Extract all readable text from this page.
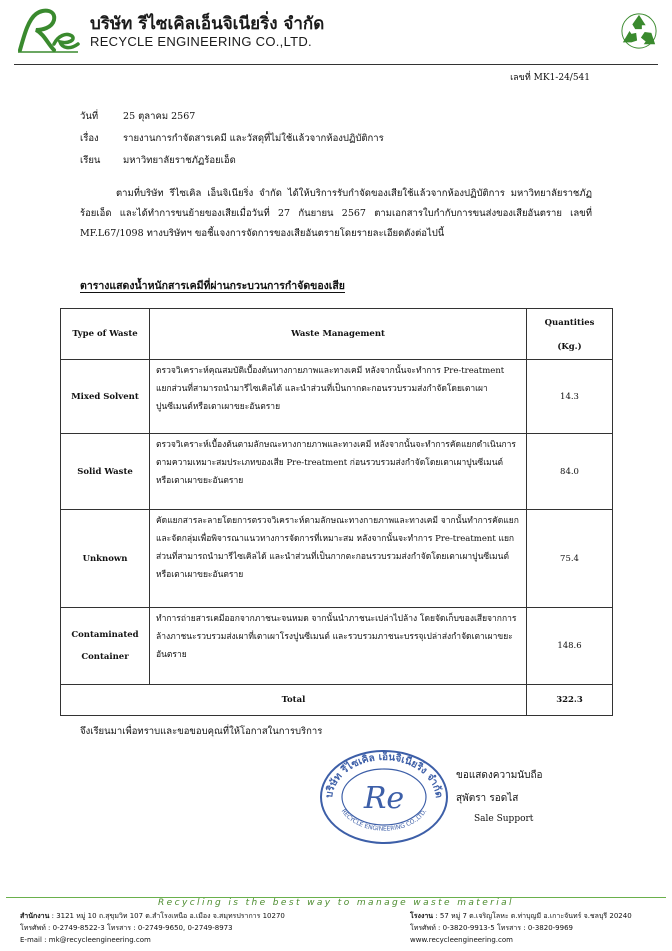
บริษัท รีไซเคิลเอ็นจิเนียริ่ง จำกัด
RECYCLE ENGINEERING CO.,LTD.
เลขที่ MK1-24/541
วันที่	25 ตุลาคม 2567
เรื่อง	รายงานการกำจัดสารเคมี และวัสดุที่ไม่ใช้แล้วจากห้องปฏิบัติการ
เรียน มหาวิทยาลัยราชภัฏร้อยเอ็ด
ตามที่บริษัท รีไซเคิล เอ็นจิเนียริ่ง จำกัด ได้ให้บริการรับกำจัดของเสียใช้แล้วจากห้องปฏิบัติการ มหาวิทยาลัยราชภัฏร้อยเอ็ด และได้ทำการขนย้ายของเสียเมื่อวันที่ 27 กันยายน 2567 ตามเอกสารใบกำกับการขนส่งของเสียอันตราย เลขที่ MF.L67/1098 ทางบริษัทฯ ขอชี้แจงการจัดการของเสียอันตรายโดยรายละเอียดดังต่อไปนี้
ตารางแสดงน้ำหนักสารเคมีที่ผ่านกระบวนการกำจัดของเสีย
Type of Waste	Waste Management	Quantities
(Kg.)

Mixed Solvent	ตรวจวิเคราะห์คุณสมบัติเบื้องต้นทางกายภาพและทางเคมี หลังจากนั้นจะทำการ Pre-treatment แยกส่วนที่สามารถนำมารีไซเคิลได้ และนำส่วนที่เป็นกากตะกอนรวบรวมส่งกำจัดโดยเตาเผาปูนซีเมนต์หรือเตาเผาขยะอันตราย	14.3
Solid Waste	ตรวจวิเคราะห์เบื้องต้นตามลักษณะทางกายภาพและทางเคมี หลังจากนั้นจะทำการคัดแยกดำเนินการตามความเหมาะสมประเภทของเสีย Pre-treatment ก่อนรวบรวมส่งกำจัดโดยเตาเผาปูนซีเมนต์ หรือเตาเผาขยะอันตราย	84.0
Unknown	คัดแยกสารละลายโดยการตรวจวิเคราะห์ตามลักษณะทางกายภาพและทางเคมี จากนั้นทำการคัดแยกและจัดกลุ่มเพื่อพิจารณาแนวทางการจัดการที่เหมาะสม หลังจากนั้นจะทำการ Pre-treatment แยกส่วนที่สามารถนำมารีไซเคิลได้ และนำส่วนที่เป็นกากตะกอนรวบรวมส่งกำจัดโดยเตาเผาปูนซีเมนต์หรือเตาเผาขยะอันตราย	75.4

Contaminated
Container	ทำการถ่ายสารเคมีออกจากภาชนะจนหมด จากนั้นนำภาชนะเปล่าไปล้าง โดยจัดเก็บของเสียจากการล้างภาชนะรวบรวมส่งเผาที่เตาเผาโรงปูนซีเมนต์ และรวบรวมภาชนะบรรจุเปล่าส่งกำจัดเตาเผาขยะอันตราย	148.6
Total		322.3
จึงเรียนมาเพื่อทราบและขอขอบคุณที่ให้โอกาสในการบริการ
บริษัท รีไซเคิล เอ็นจิเนียริ่ง จำกัด
RECYCLE ENGINEERING CO.,LTD.
Re
ขอแสดงความนับถือ
สุพัตรา รอดไส
Sale Support
Recycling is the best way to manage waste material
สำนักงาน : 3121 หมู่ 10 ถ.สุขุมวิท 107 ต.สำโรงเหนือ อ.เมือง จ.สมุทรปราการ 10270
โทรศัพท์ : 0-2749-8522-3 โทรสาร : 0-2749-9650, 0-2749-8973
E-mail : mk@recycleengineering.com
โรงงาน : 57 หมู่ 7 ต.เจริญโลหะ ต.ท่าบุญมี อ.เกาะจันทร์ จ.ชลบุรี 20240
โทรศัพท์ : 0-3820-9913-5 โทรสาร : 0-3820-9969
www.recycleengineering.com
